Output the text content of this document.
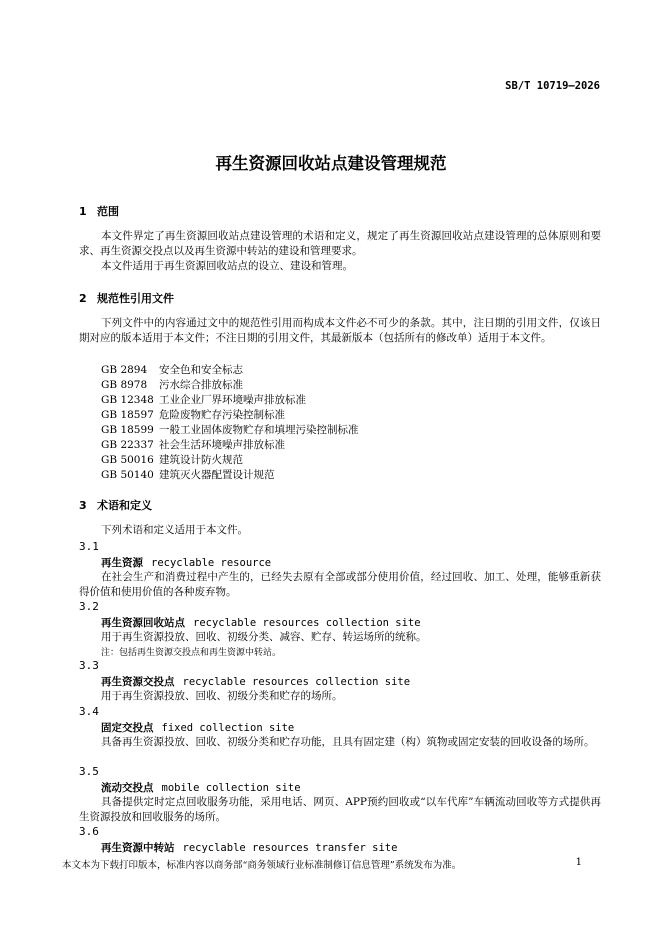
SB/T 10719—2026
再生资源回收站点建设管理规范
1 范围
本文件界定了再生资源回收站点建设管理的术语和定义，规定了再生资源回收站点建设管理的总体原则和要求、再生资源交投点以及再生资源中转站的建设和管理要求。
本文件适用于再生资源回收站点的设立、建设和管理。
2 规范性引用文件
下列文件中的内容通过文中的规范性引用而构成本文件必不可少的条款。其中，注日期的引用文件，仅该日期对应的版本适用于本文件；不注日期的引用文件，其最新版本（包括所有的修改单）适用于本文件。
GB 2894 安全色和安全标志
GB 8978 污水综合排放标准
GB 12348 工业企业厂界环境噪声排放标准
GB 18597 危险废物贮存污染控制标准
GB 18599 一般工业固体废物贮存和填埋污染控制标准
GB 22337 社会生活环境噪声排放标准
GB 50016 建筑设计防火规范
GB 50140 建筑灭火器配置设计规范
3 术语和定义
下列术语和定义适用于本文件。
3.1
再生资源 recyclable resource
在社会生产和消费过程中产生的，已经失去原有全部或部分使用价值，经过回收、加工、处理，能够重新获得价值和使用价值的各种废弃物。
3.2
再生资源回收站点 recyclable resources collection site
用于再生资源投放、回收、初级分类、减容、贮存、转运场所的统称。
注：包括再生资源交投点和再生资源中转站。
3.3
再生资源交投点 recyclable resources collection site
用于再生资源投放、回收、初级分类和贮存的场所。
3.4
固定交投点 fixed collection site
具备再生资源投放、回收、初级分类和贮存功能，且具有固定建（构）筑物或固定安装的回收设备的场所。
3.5
流动交投点 mobile collection site
具备提供定时定点回收服务功能，采用电话、网页、APP预约回收或“以车代库”车辆流动回收等方式提供再生资源投放和回收服务的场所。
3.6
再生资源中转站 recyclable resources transfer site
本文本为下载打印版本，标准内容以商务部“商务领域行业标准制修订信息管理”系统发布为准。	1
